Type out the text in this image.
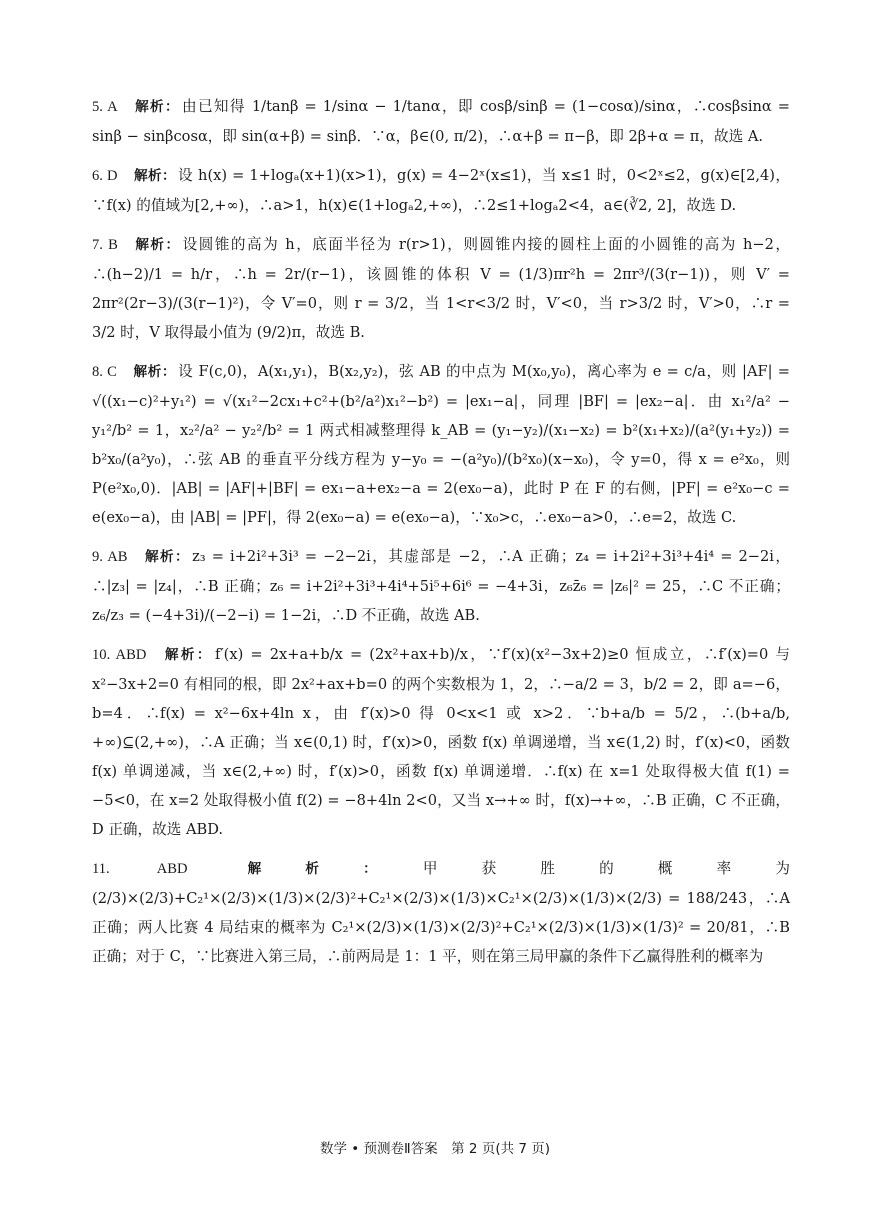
5. A 解析： 由已知得 1/tanβ = 1/sinα − 1/tanα，即 cosβ/sinβ = (1−cosα)/sinα，∴cosβsinα = sinβ − sinβcosα，即 sin(α+β) = sinβ．∵α，β∈(0, π/2)，∴α+β = π−β，即 2β+α = π，故选 A.
6. D 解析： 设 h(x) = 1+logₐ(x+1)(x>1)，g(x) = 4−2ˣ(x≤1)，当 x≤1 时，0<2ˣ≤2，g(x)∈[2,4)，∵f(x) 的值域为[2,+∞)，∴a>1，h(x)∈(1+logₐ2,+∞)，∴2≤1+logₐ2<4，a∈(∛2, 2]，故选 D.
7. B 解析： 设圆锥的高为 h，底面半径为 r(r>1)，则圆锥内接的圆柱上面的小圆锥的高为 h−2，∴(h−2)/1 = h/r，∴h = 2r/(r−1)，该圆锥的体积 V = (1/3)πr²h = 2πr³/(3(r−1))，则 V′ = 2πr²(2r−3)/(3(r−1)²)，令 V′=0，则 r = 3/2，当 1<r<3/2 时，V′<0，当 r>3/2 时，V′>0，∴r = 3/2 时，V 取得最小值为 (9/2)π，故选 B.
8. C 解析： 设 F(c,0)，A(x₁,y₁)，B(x₂,y₂)，弦 AB 的中点为 M(x₀,y₀)，离心率为 e = c/a，则 |AF| = √((x₁−c)²+y₁²) = √(x₁²−2cx₁+c²+(b²/a²)x₁²−b²) = |ex₁−a|，同理 |BF| = |ex₂−a|．由 x₁²/a² − y₁²/b² = 1，x₂²/a² − y₂²/b² = 1 两式相减整理得 k_AB = (y₁−y₂)/(x₁−x₂) = b²(x₁+x₂)/(a²(y₁+y₂)) = b²x₀/(a²y₀)，∴弦 AB 的垂直平分线方程为 y−y₀ = −(a²y₀)/(b²x₀)(x−x₀)，令 y=0，得 x = e²x₀，则 P(e²x₀,0)．|AB| = |AF|+|BF| = ex₁−a+ex₂−a = 2(ex₀−a)，此时 P 在 F 的右侧，|PF| = e²x₀−c = e(ex₀−a)，由 |AB| = |PF|，得 2(ex₀−a) = e(ex₀−a)，∵x₀>c，∴ex₀−a>0，∴e=2，故选 C.
9. AB 解析： z₃ = i+2i²+3i³ = −2−2i，其虚部是 −2，∴A 正确；z₄ = i+2i²+3i³+4i⁴ = 2−2i，∴|z₃| = |z₄|，∴B 正确；z₆ = i+2i²+3i³+4i⁴+5i⁵+6i⁶ = −4+3i，z₆z̄₆ = |z₆|² = 25，∴C 不正确；z₆/z₃ = (−4+3i)/(−2−i) = 1−2i，∴D 不正确，故选 AB.
10. ABD 解析： f′(x) = 2x+a+b/x = (2x²+ax+b)/x，∵f′(x)(x²−3x+2)≥0 恒成立，∴f′(x)=0 与 x²−3x+2=0 有相同的根，即 2x²+ax+b=0 的两个实数根为 1，2，∴−a/2 = 3，b/2 = 2，即 a=−6，b=4．∴f(x) = x²−6x+4ln x，由 f′(x)>0 得 0<x<1 或 x>2．∵b+a/b = 5/2，∴(b+a/b, +∞)⊆(2,+∞)，∴A 正确；当 x∈(0,1) 时，f′(x)>0，函数 f(x) 单调递增，当 x∈(1,2) 时，f′(x)<0，函数 f(x) 单调递减，当 x∈(2,+∞) 时，f′(x)>0，函数 f(x) 单调递增．∴f(x) 在 x=1 处取得极大值 f(1) = −5<0，在 x=2 处取得极小值 f(2) = −8+4ln 2<0，又当 x→+∞ 时，f(x)→+∞，∴B 正确，C 不正确，D 正确，故选 ABD.
11. ABD 解析： 甲获胜的概率为 (2/3)×(2/3)+C₂¹×(2/3)×(1/3)×(2/3)²+C₂¹×(2/3)×(1/3)×C₂¹×(2/3)×(1/3)×(2/3) = 188/243，∴A 正确；两人比赛 4 局结束的概率为 C₂¹×(2/3)×(1/3)×(2/3)²+C₂¹×(2/3)×(1/3)×(1/3)² = 20/81，∴B 正确；对于 C，∵比赛进入第三局，∴前两局是 1：1 平，则在第三局甲赢的条件下乙赢得胜利的概率为
数学 • 预测卷Ⅱ答案　第 2 页(共 7 页)
